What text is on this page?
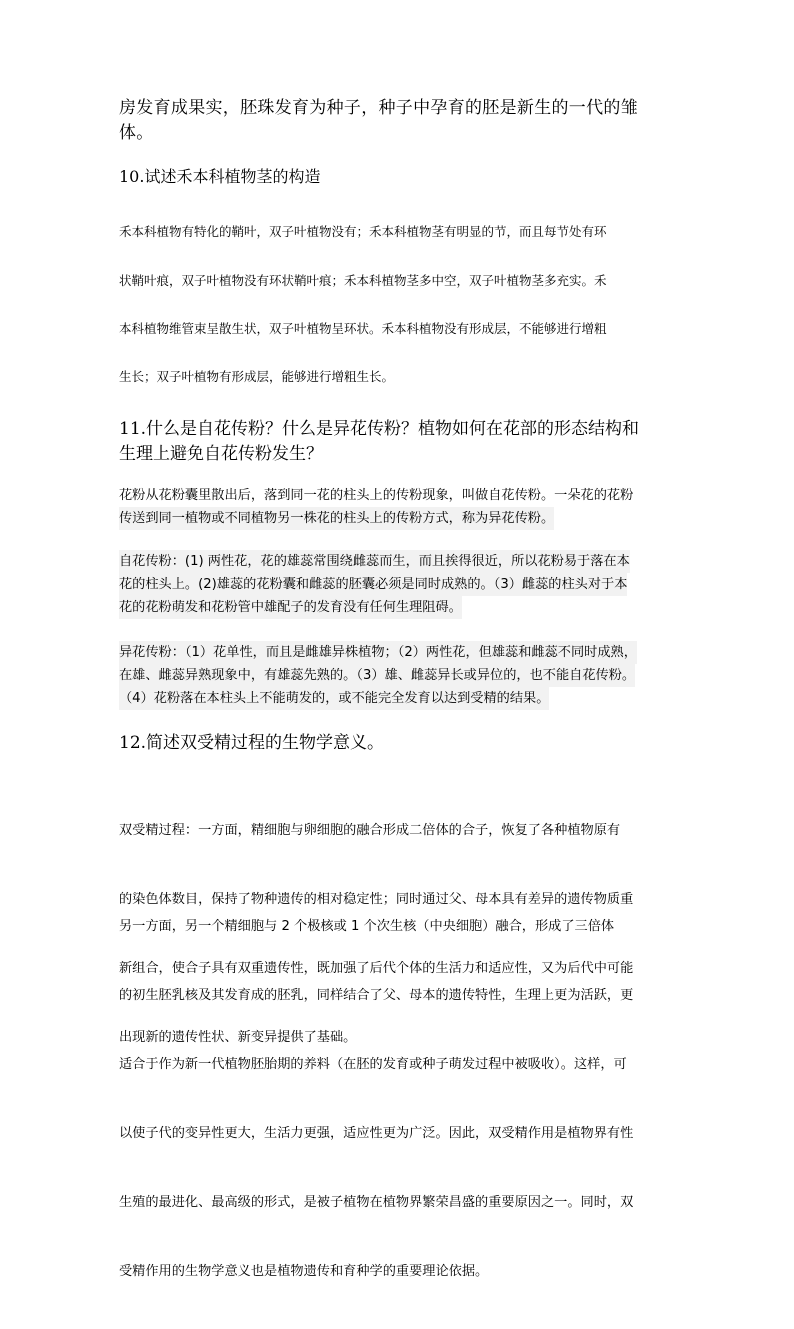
房发育成果实，胚珠发育为种子，种子中孕育的胚是新生的一代的雏
体。
10.试述禾本科植物茎的构造
禾本科植物有特化的鞘叶，双子叶植物没有；禾本科植物茎有明显的节，而且每节处有环
状鞘叶痕，双子叶植物没有环状鞘叶痕；禾本科植物茎多中空，双子叶植物茎多充实。禾
本科植物维管束呈散生状，双子叶植物呈环状。禾本科植物没有形成层，不能够进行增粗
生长；双子叶植物有形成层，能够进行增粗生长。
11.什么是自花传粉？什么是异花传粉？植物如何在花部的形态结构和
生理上避免自花传粉发生？
花粉从花粉囊里散出后，落到同一花的柱头上的传粉现象，叫做自花传粉。一朵花的花粉
传送到同一植物或不同植物另一株花的柱头上的传粉方式，称为异花传粉。
自花传粉：(1) 两性花，花的雄蕊常围绕雌蕊而生，而且挨得很近，所以花粉易于落在本 花的柱头上。(2)雄蕊的花粉囊和雌蕊的胚囊必须是同时成熟的。（3）雌蕊的柱头对于本 花的花粉萌发和花粉管中雄配子的发育没有任何生理阻碍。
异花传粉：（1）花单性，而且是雌雄异株植物；（2）两性花，但雄蕊和雌蕊不同时成熟， 在雄、雌蕊异熟现象中，有雄蕊先熟的。（3）雄、雌蕊异长或异位的，也不能自花传粉。 （4）花粉落在本柱头上不能萌发的，或不能完全发育以达到受精的结果。
12.简述双受精过程的生物学意义。

双受精过程：一方面，精细胞与卵细胞的融合形成二倍体的合子，恢复了各种植物原有

的染色体数目，保持了物种遗传的相对稳定性；同时通过父、母本具有差异的遗传物质重

新组合，使合子具有双重遗传性，既加强了后代个体的生活力和适应性，又为后代中可能

出现新的遗传性状、新变异提供了基础。

另一方面，另一个精细胞与 2 个极核或 1 个次生核（中央细胞）融合，形成了三倍体

的初生胚乳核及其发育成的胚乳，同样结合了父、母本的遗传特性，生理上更为活跃，更

适合于作为新一代植物胚胎期的养料（在胚的发育或种子萌发过程中被吸收）。这样，可

以使子代的变异性更大，生活力更强，适应性更为广泛。因此，双受精作用是植物界有性

生殖的最进化、最高级的形式，是被子植物在植物界繁荣昌盛的重要原因之一。同时，双

受精作用的生物学意义也是植物遗传和育种学的重要理论依据。
